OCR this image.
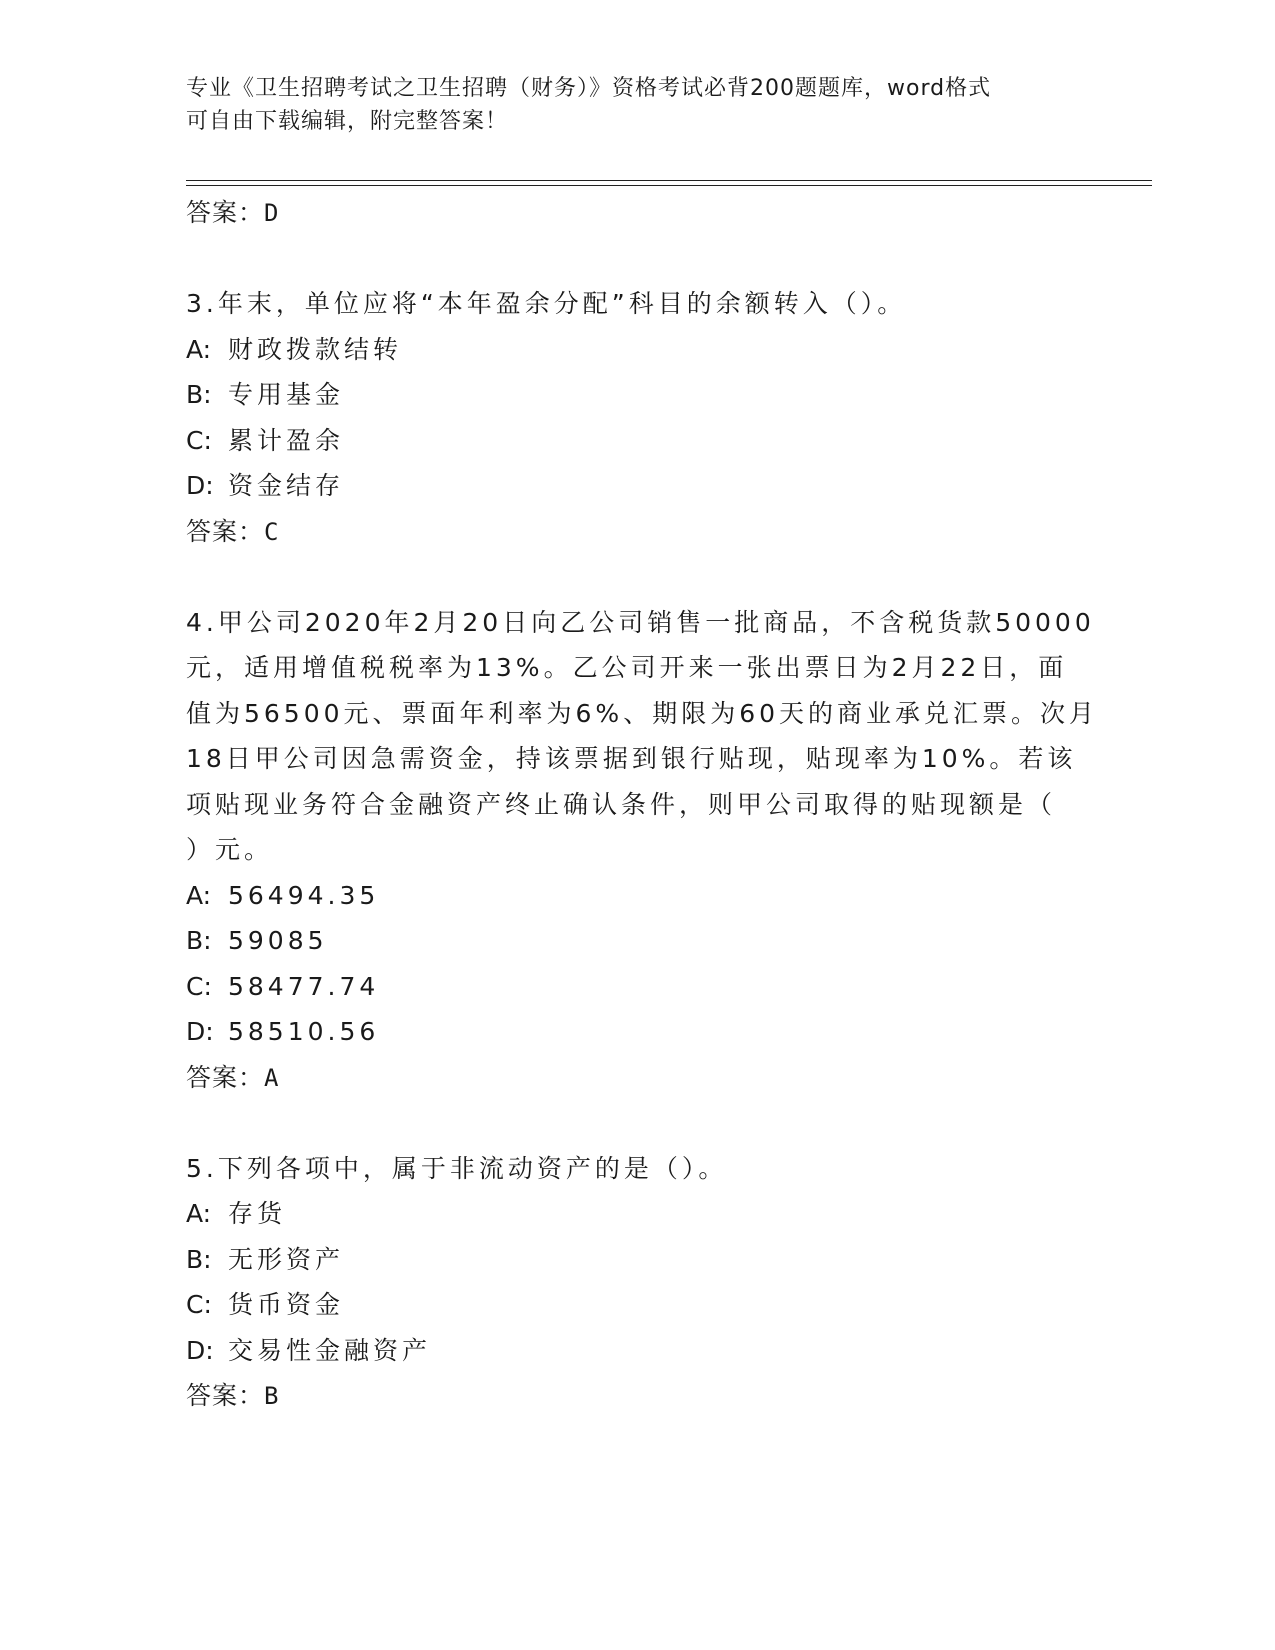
专业《卫生招聘考试之卫生招聘（财务）》资格考试必背200题题库，word格式
可自由下载编辑，附完整答案！
答案：D
3.年末，单位应将“本年盈余分配”科目的余额转入（）。
A: 财政拨款结转
B: 专用基金
C: 累计盈余
D: 资金结存
答案：C
4.甲公司2020年2月20日向乙公司销售一批商品，不含税货款50000
元，适用增值税税率为13%。乙公司开来一张出票日为2月22日，面
值为56500元、票面年利率为6%、期限为60天的商业承兑汇票。次月
18日甲公司因急需资金，持该票据到银行贴现，贴现率为10%。若该
项贴现业务符合金融资产终止确认条件，则甲公司取得的贴现额是（
）元。
A: 56494.35
B: 59085
C: 58477.74
D: 58510.56
答案：A
5.下列各项中，属于非流动资产的是（）。
A: 存货
B: 无形资产
C: 货币资金
D: 交易性金融资产
答案：B
